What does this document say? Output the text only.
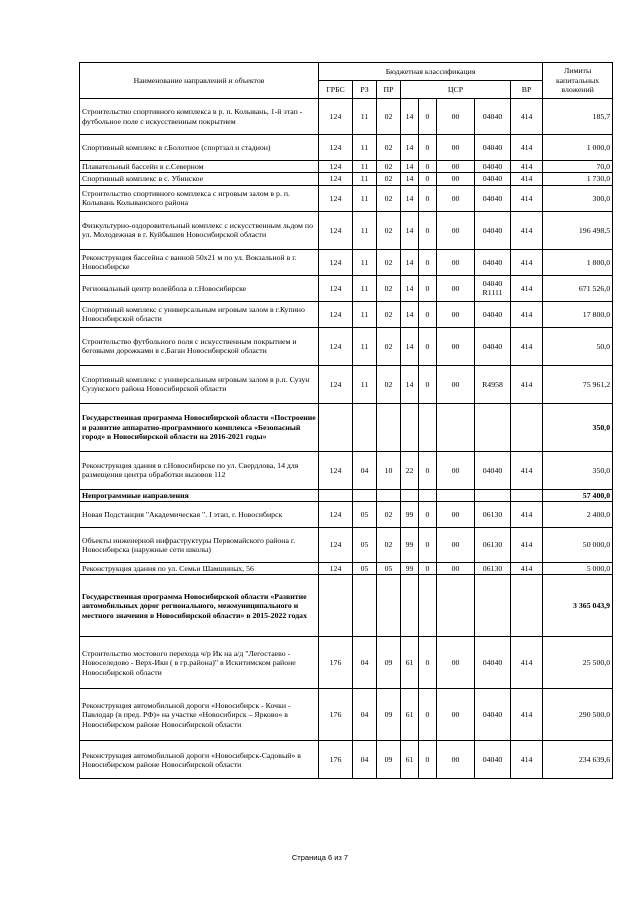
Наименование направлений и объектов	Бюджетная классификация								Лимиты капитальных вложений
	ГРБС	РЗ	ПР	ЦСР				ВР	
Строительство спортивного комплекса в р. п. Колывань, 1-й этап - футбольное поле с искусственным покрытием	124	11	02	14	0	00	04040	414	185,7
Спортивный комплекс в г.Болотное (спортзал и стадион)	124	11	02	14	0	00	04040	414	1 000,0
Плавательный бассейн в с.Северном	124	11	02	14	0	00	04040	414	70,0
Спортивный комплекс в с. Убинское	124	11	02	14	0	00	04040	414	1 730,0
Строительство спортивного комплекса с игровым залом в р. п. Колывань Колыванского района	124	11	02	14	0	00	04040	414	300,0
Физкультурно-оздоровительный комплекс с искусственным льдом по ул. Молодежная в г. Куйбышев Новосибирской области	124	11	02	14	0	00	04040	414	196 498,5
Реконструкция бассейна с ванной 50x21 м по ул. Вокзальной в г. Новосибирске	124	11	02	14	0	00	04040	414	1 800,0
Региональный центр волейбола в г.Новосибирске	124	11	02	14	0	00	04040 R1111	414	671 526,0
Спортивный комплекс с универсальным игровым залом в г.Купино Новосибирской области	124	11	02	14	0	00	04040	414	17 800,0
Строительство футбольного поля с искусственным покрытием и беговыми дорожками в с.Баган Новосибирской области	124	11	02	14	0	00	04040	414	50,0
Спортивный комплекс с универсальным игровым залом в р.п. Сузун Сузунского района Новосибирской области	124	11	02	14	0	00	R4958	414	75 961,2
Государственная программа Новосибирской области «Построение и развитие аппаратно-программного комплекса «Безопасный город» в Новосибирской области на 2016-2021 годы»									350,0
Реконструкция здания в г.Новосибирске по ул. Свердлова, 14 для размещения центра обработки вызовов 112	124	04	10	22	0	00	04040	414	350,0
Непрограммные направления									57 400,0
Новая Подстанция "Академическая ". I этап, г. Новосибирск	124	05	02	99	0	00	06130	414	2 400,0
Объекты инженерной инфраструктуры Первомайского района г. Новосибирска (наружные сети школы)	124	05	02	99	0	00	06130	414	50 000,0
Реконструкция здания по ул. Семьи Шамшиных, 56	124	05	05	99	0	00	06130	414	5 000,0
Государственная программа Новосибирской области «Развитие автомобильных дорог регионального, межмуниципального и местного значения в Новосибирской области» в 2015-2022 годах									3 365 043,9
Строительство мостового перехода ч/р Ик на а/д "Легостаево - Новоселедово - Верх-Ики ( в гр.района)" в Искитимском районе Новосибирской области	176	04	09	61	0	00	04040	414	25 500,0
Реконструкция автомобильной дороги «Новосибирск - Кочки - Павлодар (в пред. РФ)» на участке «Новосибирск – Ярково» в Новосибирском районе Новосибирской области	176	04	09	61	0	00	04040	414	290 500,0
Реконструкция автомобильной дороги «Новосибирск-Садовый» в Новосибирском районе Новосибирской области	176	04	09	61	0	00	04040	414	234 639,6
Страница 6 из 7
